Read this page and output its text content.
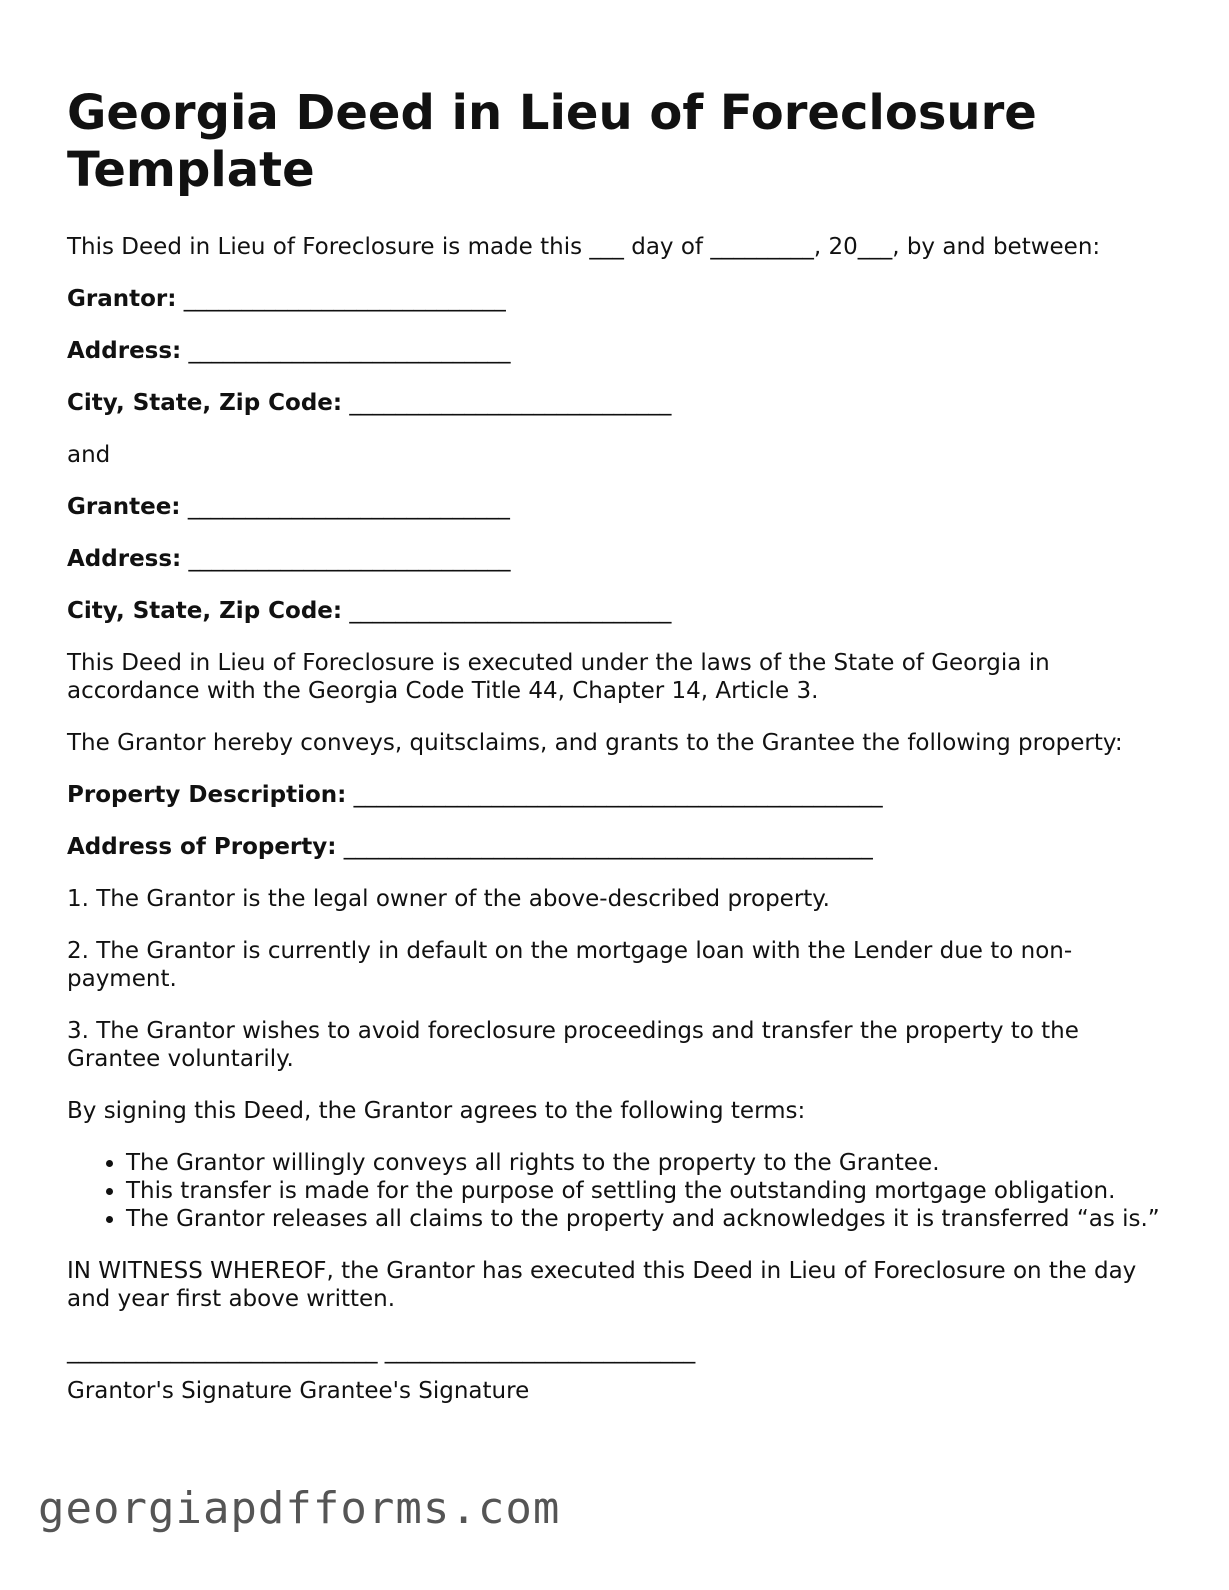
Georgia Deed in Lieu of Foreclosure Template

This Deed in Lieu of Foreclosure is made this ___ day of _________, 20___, by and between:

Grantor: ____________________________

Address: ____________________________

City, State, Zip Code: ____________________________

and

Grantee: ____________________________

Address: ____________________________

City, State, Zip Code: ____________________________

This Deed in Lieu of Foreclosure is executed under the laws of the State of Georgia in accordance with the Georgia Code Title 44, Chapter 14, Article 3.

The Grantor hereby conveys, quitsclaims, and grants to the Grantee the following property:

Property Description: ______________________________________________

Address of Property: ______________________________________________

1. The Grantor is the legal owner of the above-described property.

2. The Grantor is currently in default on the mortgage loan with the Lender due to non-payment.

3. The Grantor wishes to avoid foreclosure proceedings and transfer the property to the Grantee voluntarily.

By signing this Deed, the Grantor agrees to the following terms:

• The Grantor willingly conveys all rights to the property to the Grantee.
• This transfer is made for the purpose of settling the outstanding mortgage obligation.
• The Grantor releases all claims to the property and acknowledges it is transferred “as is.”

IN WITNESS WHEREOF, the Grantor has executed this Deed in Lieu of Foreclosure on the day and year first above written.

___________________________ ___________________________

Grantor's Signature Grantee's Signature

georgiapdfforms.com
